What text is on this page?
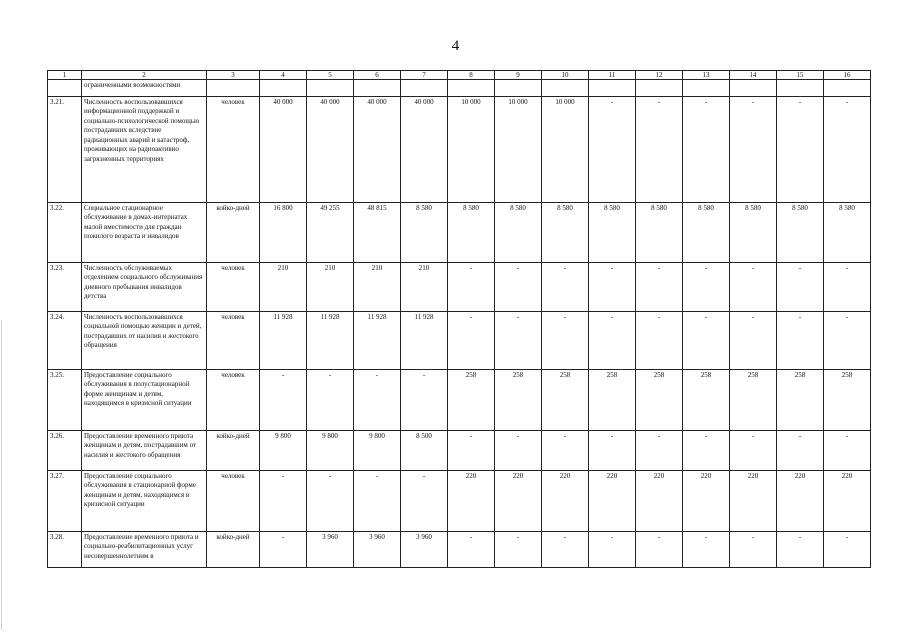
4
1	2	3	4	5	6	7	8	9	10	11	12	13	14	15	16
	ограниченными возможностями														
3.21.	Численность воспользовавшихся информационной поддержкой и социально-психологической помощью пострадавших вследствие радиационных аварий и катастроф, проживающих на радиоактивно загрязненных территориях	человек	40 000	40 000	40 000	40 000	10 000	10 000	10 000	-	-	-	-	-	-
3.22.	Социальное стационарное обслуживание в домах-интернатах малой вместимости для граждан пожилого возраста и инвалидов	койко-дней	16 800	49 255	48 815	8 580	8 580	8 580	8 580	8 580	8 580	8 580	8 580	8 580	8 580
3.23.	Численность обслуживаемых отделением социального обслуживания дневного пребывания инвалидов детства	человек	210	210	210	210	-	-	-	-	-	-	-	-	-
3.24.	Численность воспользовавшихся социальной помощью женщин и детей, пострадавших от насилия и жестокого обращения	человек	11 928	11 928	11 928	11 928	-	-	-	-	-	-	-	-	-
3.25.	Предоставление социального обслуживания в полустационарной форме женщинам и детям, находящимся в кризисной ситуации	человек	-	-	-	-	258	258	258	258	258	258	258	258	258
3.26.	Предоставление временного приюта женщинам и детям, пострадавшим от насилия и жестокого обращения	койко-дней	9 800	9 800	9 800	8 500	-	-	-	-	-	-	-	-	-
3.27.	Предоставление социального обслуживания в стационарной форме женщинам и детям, находящимся в кризисной ситуации	человек	-	-	-	-	220	220	220	220	220	220	220	220	220
3.28.	Предоставление временного приюта и социально-реабилитационных услуг несовершеннолетним в	койко-дней	-	3 960	3 960	3 960	-	-	-	-	-	-	-	-	-
